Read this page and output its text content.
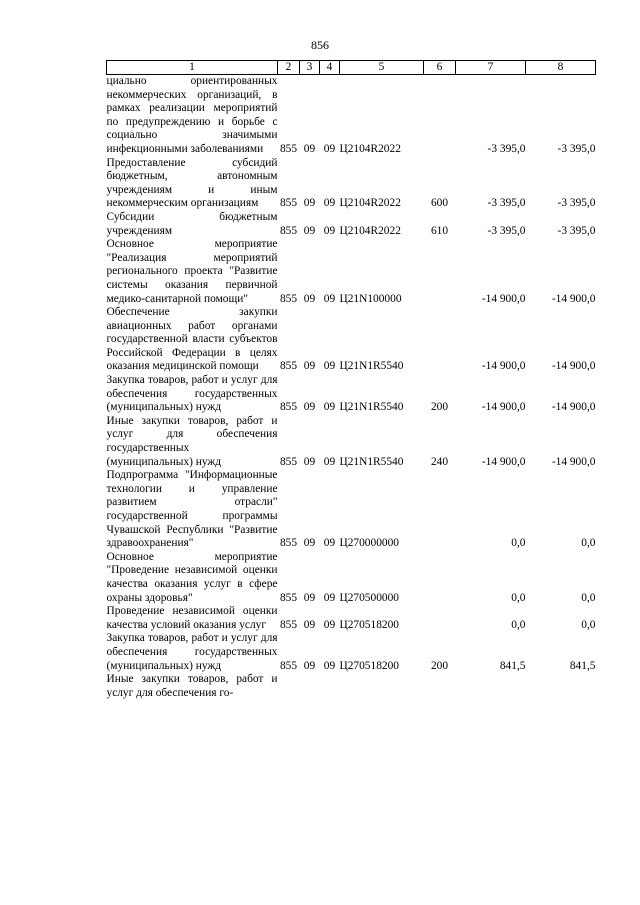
856
1	2	3	4	5	6	7	8
циально ориентированных некоммерческих организаций, в рамках реализации мероприятий по предупреждению и борьбе с социально значимыми инфекционными заболеваниями	855	09	09	Ц2104R2022		-3 395,0	-3 395,0
Предоставление субсидий бюджетным, автономным учреждениям и иным некоммерческим организациям	855	09	09	Ц2104R2022	600	-3 395,0	-3 395,0
Субсидии бюджетным учреждениям	855	09	09	Ц2104R2022	610	-3 395,0	-3 395,0
Основное мероприятие "Реализация мероприятий регионального проекта "Развитие системы оказания первичной медико-санитарной помощи"	855	09	09	Ц21N100000		-14 900,0	-14 900,0
Обеспечение закупки авиационных работ органами государственной власти субъектов Российской Федерации в целях оказания медицинской помощи	855	09	09	Ц21N1R5540		-14 900,0	-14 900,0
Закупка товаров, работ и услуг для обеспечения государственных (муниципальных) нужд	855	09	09	Ц21N1R5540	200	-14 900,0	-14 900,0
Иные закупки товаров, работ и услуг для обеспечения государственных (муниципальных) нужд	855	09	09	Ц21N1R5540	240	-14 900,0	-14 900,0
Подпрограмма "Информационные технологии и управление развитием отрасли" государственной программы Чувашской Республики "Развитие здравоохранения"	855	09	09	Ц270000000		0,0	0,0
Основное мероприятие "Проведение независимой оценки качества оказания услуг в сфере охраны здоровья"	855	09	09	Ц270500000		0,0	0,0
Проведение независимой оценки качества условий оказания услуг	855	09	09	Ц270518200		0,0	0,0
Закупка товаров, работ и услуг для обеспечения государственных (муниципальных) нужд	855	09	09	Ц270518200	200	841,5	841,5
Иные закупки товаров, работ и услуг для обеспечения го-							
